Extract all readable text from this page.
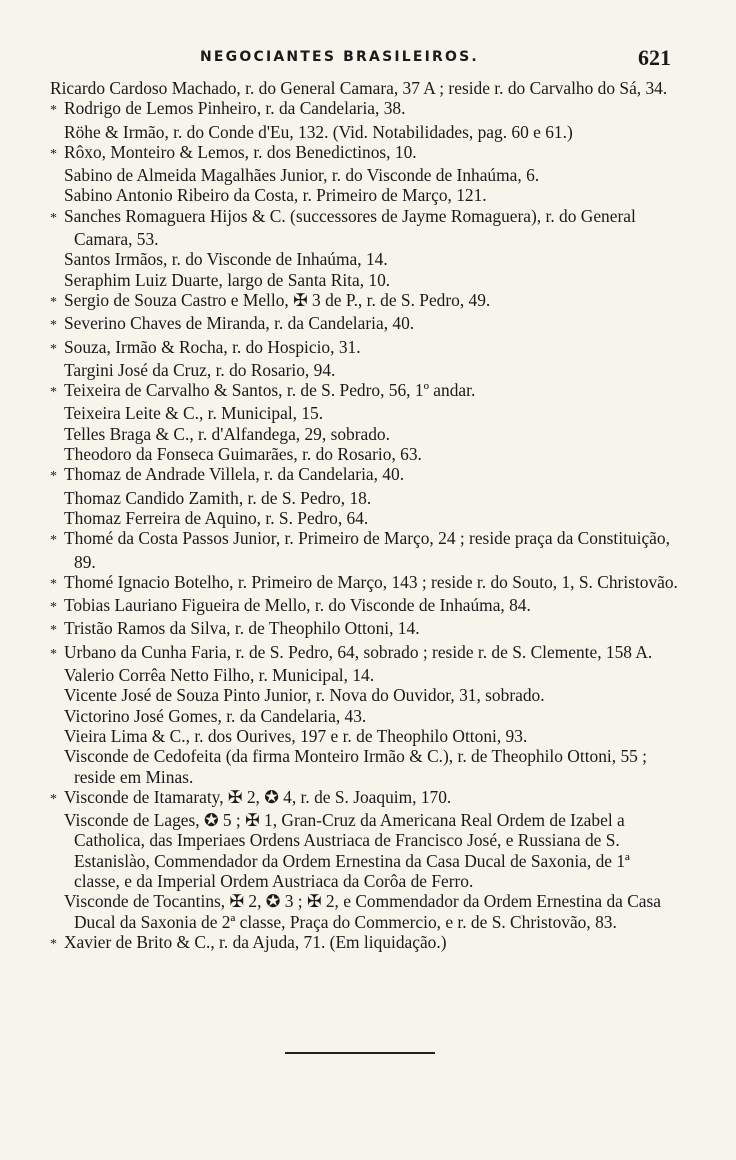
NEGOCIANTES BRASILEIROS.	621
Ricardo Cardoso Machado, r. do General Camara, 37 A ; reside r. do Carvalho do Sá, 34.
* Rodrigo de Lemos Pinheiro, r. da Candelaria, 38.
Röhe & Irmão, r. do Conde d'Eu, 132. (Vid. Notabilidades, pag. 60 e 61.)
* Rôxo, Monteiro & Lemos, r. dos Benedictinos, 10.
Sabino de Almeida Magalhães Junior, r. do Visconde de Inhaúma, 6.
Sabino Antonio Ribeiro da Costa, r. Primeiro de Março, 121.
* Sanches Romaguera Hijos & C. (successores de Jayme Romaguera), r. do General Camara, 53.
Santos Irmãos, r. do Visconde de Inhaúma, 14.
Seraphim Luiz Duarte, largo de Santa Rita, 10.
* Sergio de Souza Castro e Mello, ✠ 3 de P., r. de S. Pedro, 49.
* Severino Chaves de Miranda, r. da Candelaria, 40.
* Souza, Irmão & Rocha, r. do Hospicio, 31.
Targini José da Cruz, r. do Rosario, 94.
* Teixeira de Carvalho & Santos, r. de S. Pedro, 56, 1º andar.
Teixeira Leite & C., r. Municipal, 15.
Telles Braga & C., r. d'Alfandega, 29, sobrado.
Theodoro da Fonseca Guimarães, r. do Rosario, 63.
* Thomaz de Andrade Villela, r. da Candelaria, 40.
Thomaz Candido Zamith, r. de S. Pedro, 18.
Thomaz Ferreira de Aquino, r. S. Pedro, 64.
* Thomé da Costa Passos Junior, r. Primeiro de Março, 24 ; reside praça da Constituição, 89.
* Thomé Ignacio Botelho, r. Primeiro de Março, 143 ; reside r. do Souto, 1, S. Christovão.
* Tobias Lauriano Figueira de Mello, r. do Visconde de Inhaúma, 84.
* Tristão Ramos da Silva, r. de Theophilo Ottoni, 14.
* Urbano da Cunha Faria, r. de S. Pedro, 64, sobrado ; reside r. de S. Clemente, 158 A.
Valerio Corrêa Netto Filho, r. Municipal, 14.
Vicente José de Souza Pinto Junior, r. Nova do Ouvidor, 31, sobrado.
Victorino José Gomes, r. da Candelaria, 43.
Vieira Lima & C., r. dos Ourives, 197 e r. de Theophilo Ottoni, 93.
Visconde de Cedofeita (da firma Monteiro Irmão & C.), r. de Theophilo Ottoni, 55 ; reside em Minas.
* Visconde de Itamaraty, ✠ 2, ✪ 4, r. de S. Joaquim, 170.
Visconde de Lages, ✪ 5 ; ✠ 1, Gran-Cruz da Americana Real Ordem de Izabel a Catholica, das Imperiaes Ordens Austriaca de Francisco José, e Russiana de S. Estanislào, Commendador da Ordem Ernestina da Casa Ducal de Saxonia, de 1ª classe, e da Imperial Ordem Austriaca da Corôa de Ferro.
Visconde de Tocantins, ✠ 2, ✪ 3 ; ✠ 2, e Commendador da Ordem Ernestina da Casa Ducal da Saxonia de 2ª classe, Praça do Commercio, e r. de S. Christovão, 83.
* Xavier de Brito & C., r. da Ajuda, 71. (Em liquidação.)
